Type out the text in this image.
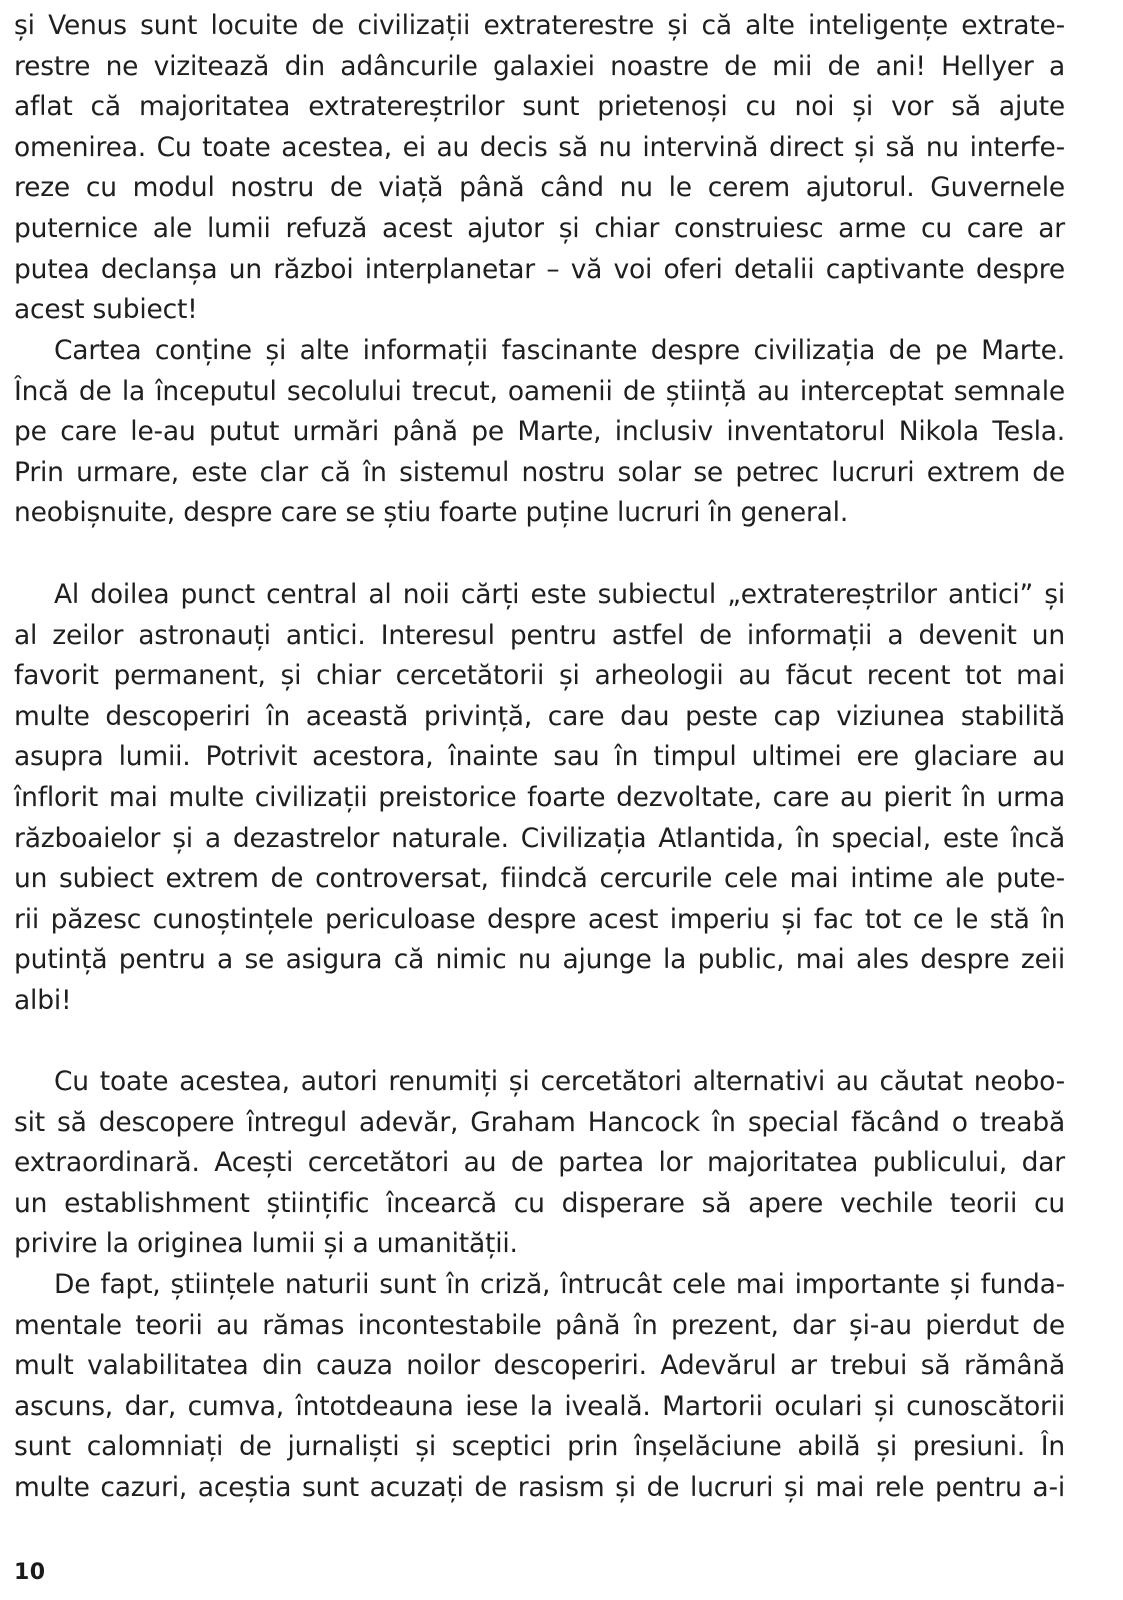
și Venus sunt locuite de civilizații extraterestre și că alte inteligențe extrate-
restre ne vizitează din adâncurile galaxiei noastre de mii de ani! Hellyer a
aflat că majoritatea extratereștrilor sunt prietenoși cu noi și vor să ajute
omenirea. Cu toate acestea, ei au decis să nu intervină direct și să nu interfe-
reze cu modul nostru de viață până când nu le cerem ajutorul. Guvernele
puternice ale lumii refuză acest ajutor și chiar construiesc arme cu care ar
putea declanșa un război interplanetar – vă voi oferi detalii captivante despre
acest subiect!
Cartea conține și alte informații fascinante despre civilizația de pe Marte.
Încă de la începutul secolului trecut, oamenii de știință au interceptat semnale
pe care le-au putut urmări până pe Marte, inclusiv inventatorul Nikola Tesla.
Prin urmare, este clar că în sistemul nostru solar se petrec lucruri extrem de
neobișnuite, despre care se știu foarte puține lucruri în general.
Al doilea punct central al noii cărți este subiectul „extratereștrilor antici” și
al zeilor astronauți antici. Interesul pentru astfel de informații a devenit un
favorit permanent, și chiar cercetătorii și arheologii au făcut recent tot mai
multe descoperiri în această privință, care dau peste cap viziunea stabilită
asupra lumii. Potrivit acestora, înainte sau în timpul ultimei ere glaciare au
înflorit mai multe civilizații preistorice foarte dezvoltate, care au pierit în urma
războaielor și a dezastrelor naturale. Civilizația Atlantida, în special, este încă
un subiect extrem de controversat, fiindcă cercurile cele mai intime ale pute-
rii păzesc cunoștințele periculoase despre acest imperiu și fac tot ce le stă în
putință pentru a se asigura că nimic nu ajunge la public, mai ales despre zeii
albi!
Cu toate acestea, autori renumiți și cercetători alternativi au căutat neobo-
sit să descopere întregul adevăr, Graham Hancock în special făcând o treabă
extraordinară. Acești cercetători au de partea lor majoritatea publicului, dar
un establishment științific încearcă cu disperare să apere vechile teorii cu
privire la originea lumii și a umanității.
De fapt, științele naturii sunt în criză, întrucât cele mai importante și funda-
mentale teorii au rămas incontestabile până în prezent, dar și-au pierdut de
mult valabilitatea din cauza noilor descoperiri. Adevărul ar trebui să rămână
ascuns, dar, cumva, întotdeauna iese la iveală. Martorii oculari și cunoscătorii
sunt calomniați de jurnaliști și sceptici prin înșelăciune abilă și presiuni. În
multe cazuri, aceștia sunt acuzați de rasism și de lucruri și mai rele pentru a-i
10
